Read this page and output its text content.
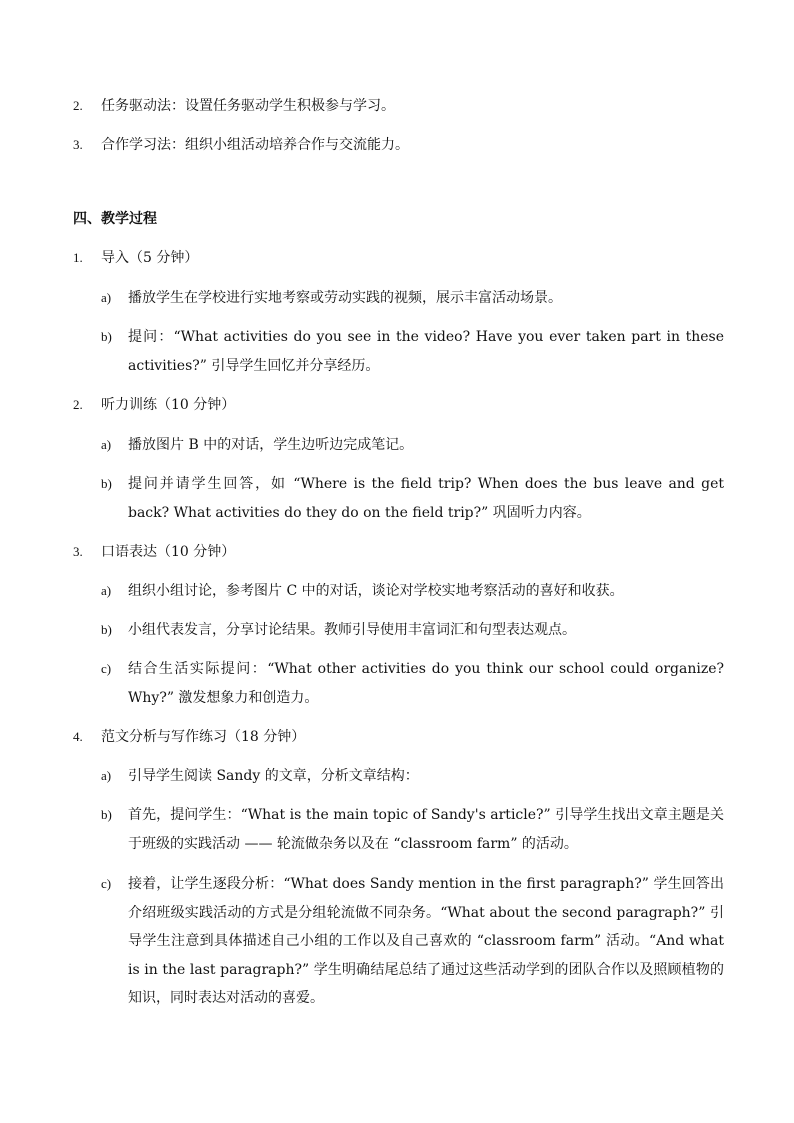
2. 任务驱动法：设置任务驱动学生积极参与学习。
3. 合作学习法：组织小组活动培养合作与交流能力。
四、教学过程
1. 导入（5 分钟）
a) 播放学生在学校进行实地考察或劳动实践的视频，展示丰富活动场景。
b) 提问：“What activities do you see in the video? Have you ever taken part in these activities?” 引导学生回忆并分享经历。
2. 听力训练（10 分钟）
a) 播放图片 B 中的对话，学生边听边完成笔记。
b) 提问并请学生回答，如 “Where is the field trip? When does the bus leave and get back? What activities do they do on the field trip?” 巩固听力内容。
3. 口语表达（10 分钟）
a) 组织小组讨论，参考图片 C 中的对话，谈论对学校实地考察活动的喜好和收获。
b) 小组代表发言，分享讨论结果。教师引导使用丰富词汇和句型表达观点。
c) 结合生活实际提问：“What other activities do you think our school could organize? Why?” 激发想象力和创造力。
4. 范文分析与写作练习（18 分钟）
a) 引导学生阅读 Sandy 的文章，分析文章结构：
b) 首先，提问学生：“What is the main topic of Sandy's article?” 引导学生找出文章主题是关于班级的实践活动 —— 轮流做杂务以及在 “classroom farm” 的活动。
c) 接着，让学生逐段分析：“What does Sandy mention in the first paragraph?” 学生回答出介绍班级实践活动的方式是分组轮流做不同杂务。“What about the second paragraph?” 引导学生注意到具体描述自己小组的工作以及自己喜欢的 “classroom farm” 活动。“And what is in the last paragraph?” 学生明确结尾总结了通过这些活动学到的团队合作以及照顾植物的知识，同时表达对活动的喜爱。
